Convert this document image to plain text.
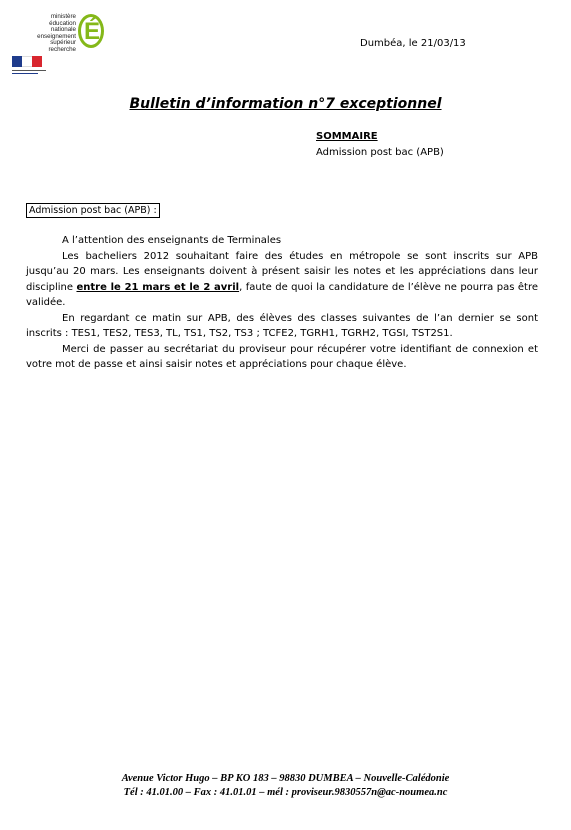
ministère
éducation
nationale
enseignement
supérieur
recherche
É	Dumbéa, le 21/03/13
Bulletin d’information n°7 exceptionnel
SOMMAIRE
Admission post bac (APB)
Admission post bac (APB) :

A l’attention des enseignants de Terminales

Les bacheliers 2012 souhaitant faire des études en métropole se sont inscrits sur APB jusqu’au 20 mars. Les enseignants doivent à présent saisir les notes et les appréciations dans leur discipline entre le 21 mars et le 2 avril, faute de quoi la candidature de l’élève ne pourra pas être validée.

En regardant ce matin sur APB, des élèves des classes suivantes de l’an dernier se sont inscrits : TES1, TES2, TES3, TL, TS1, TS2, TS3 ; TCFE2, TGRH1, TGRH2, TGSI, TST2S1.

Merci de passer au secrétariat du proviseur pour récupérer votre identifiant de connexion et votre mot de passe et ainsi saisir notes et appréciations pour chaque élève.

Avenue Victor Hugo – BP KO 183 – 98830 DUMBEA – Nouvelle-Calédonie
Tél : 41.01.00 – Fax : 41.01.01 – mél : proviseur.9830557n@ac-noumea.nc
